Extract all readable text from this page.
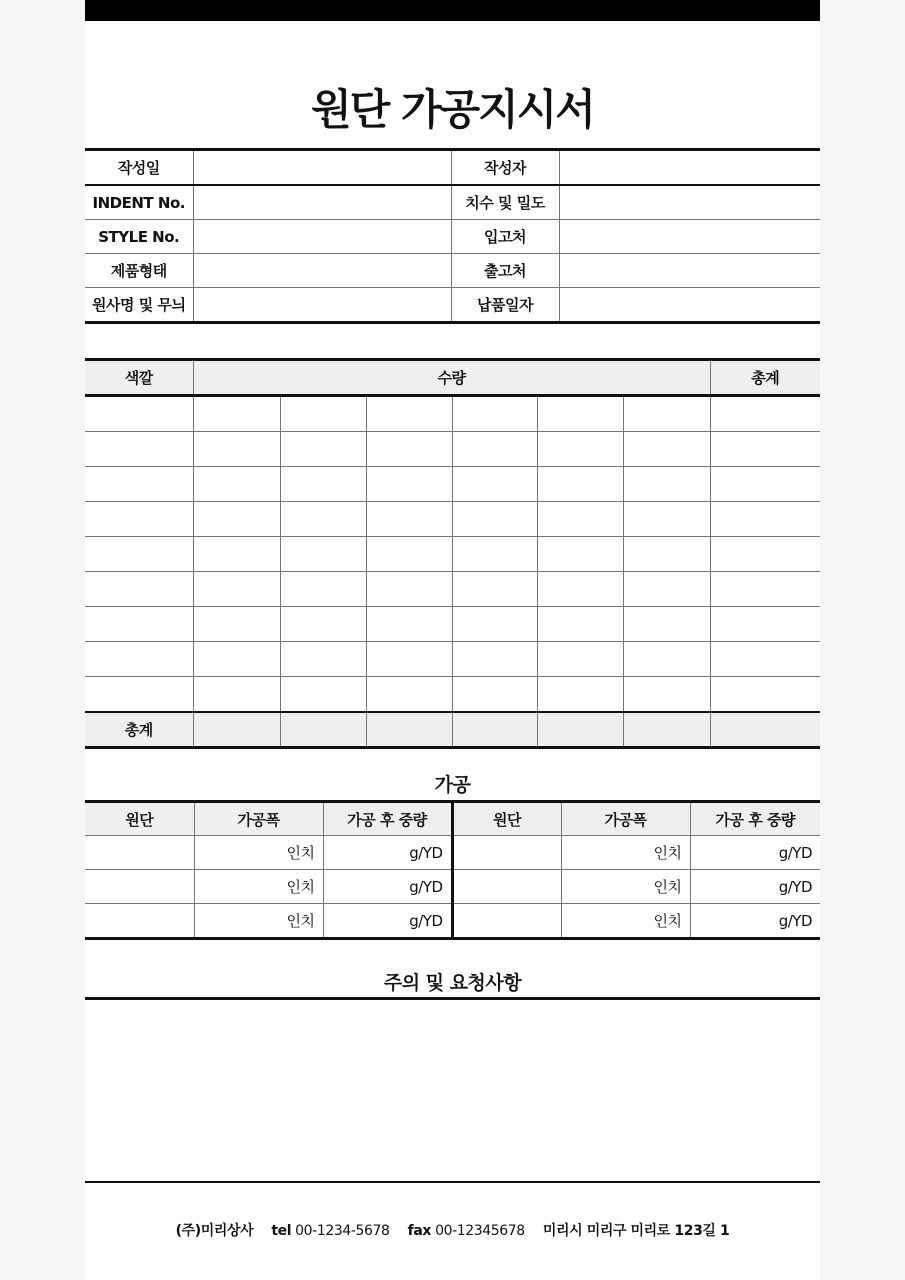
원단 가공지시서
작성일		작성자	
INDENT No.		치수 및 밀도	
STYLE No.		입고처	
제품형태		출고처	
원사명 및 무늬		납품일자	
색깔	수량						총계

총계							
가공
원단	가공폭	가공 후 중량	원단	가공폭	가공 후 중량
	인치	g/YD		인치	g/YD
	인치	g/YD		인치	g/YD
	인치	g/YD		인치	g/YD
주의 및 요청사항
(주)미리상사 tel 00-1234-5678 fax 00-12345678 미리시 미리구 미리로 123길 1
